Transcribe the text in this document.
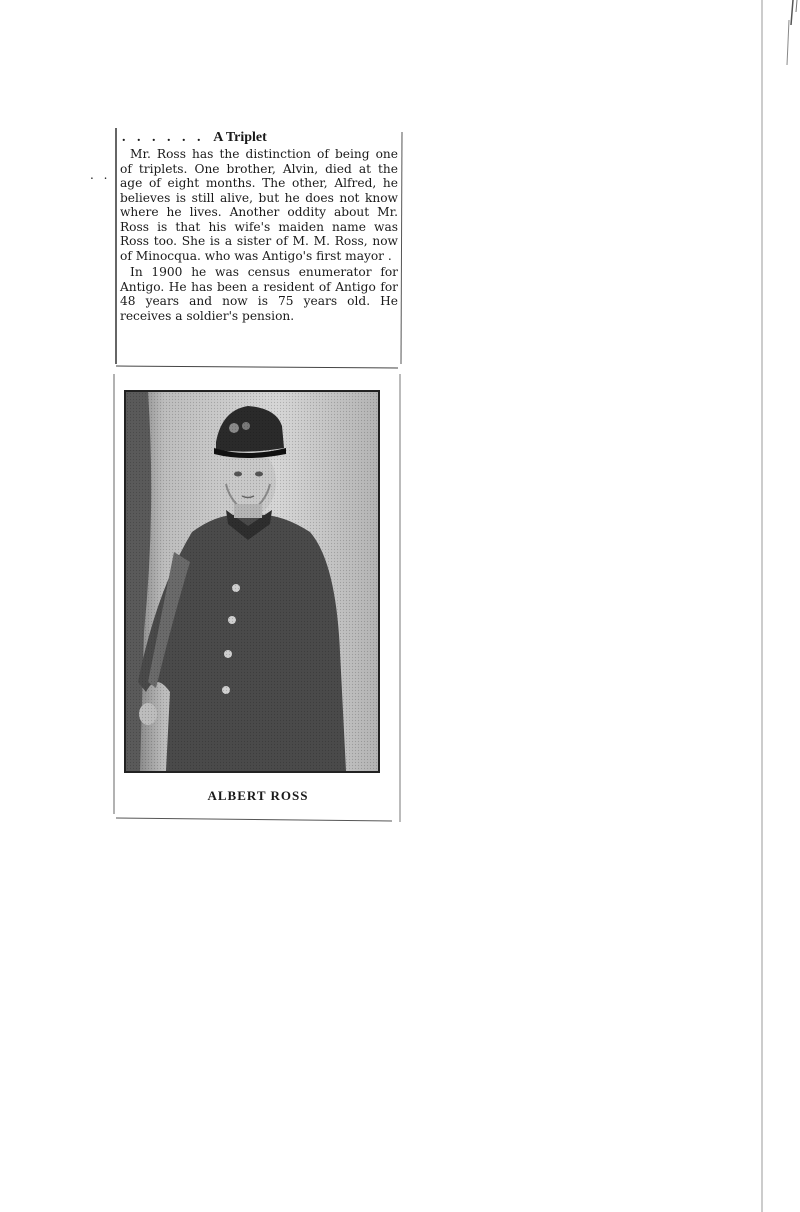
. .
. . . . . . A Triplet

Mr. Ross has the distinction of being one of triplets. One brother, Alvin, died at the age of eight months. The other, Alfred, he believes is still alive, but he does not know where he lives. Another oddity about Mr. Ross is that his wife's maiden name was Ross too. She is a sister of M. M. Ross, now of Minocqua. who was Antigo's first mayor .

In 1900 he was census enumerator for Antigo. He has been a resident of Antigo for 48 years and now is 75 years old. He receives a soldier's pension.

ALBERT ROSS
